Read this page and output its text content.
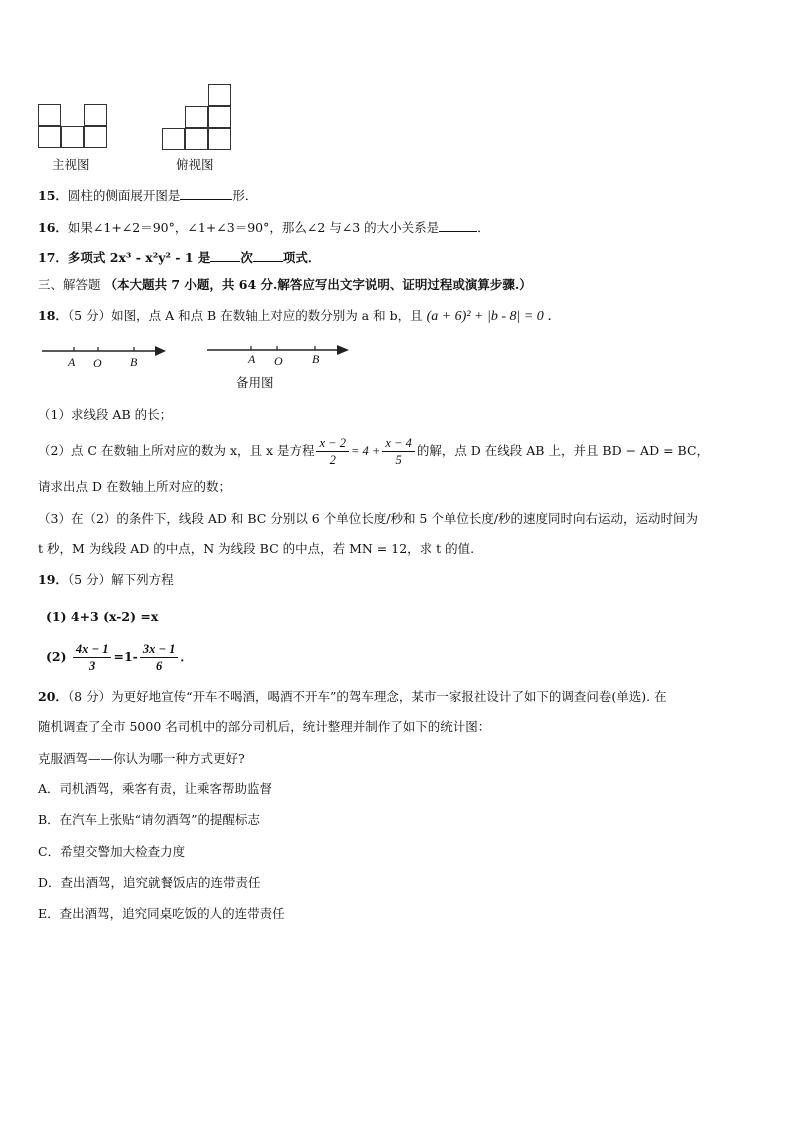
主视图	俯视图
15．圆柱的侧面展开图是	形．
16．如果∠1+∠2＝90°，∠1+∠3＝90°，那么∠2 与∠3 的大小关系是	．
17．多项式 2x³ - x²y² - 1 是 次 项式．
三、解答题 （本大题共 7 小题，共 64 分.解答应写出文字说明、证明过程或演算步骤.）
18．（5 分）如图，点 A 和点 B 在数轴上对应的数分别为 a 和 b，且 (a + 6)² + |b - 8| = 0 ．
A O B	A O B
备用图
（1）求线段 AB 的长；
（2）点 C 在数轴上所对应的数为 x，且 x 是方程 $\frac{x - 2}{2} = 4 + \frac{x - 4}{5}$ 的解，点 D 在线段 AB 上，并且 BD − AD = BC，
请求出点 D 在数轴上所对应的数；
（3）在（2）的条件下，线段 AD 和 BC 分别以 6 个单位长度/秒和 5 个单位长度/秒的速度同时向右运动，运动时间为
t 秒，M 为线段 AD 的中点，N 为线段 BC 的中点，若 MN = 12，求 t 的值.
19．（5 分）解下列方程
(1) 4+3 (x-2) =x
$(2) \frac{4x - 1}{3} =1- \frac{3x - 1}{6}$ ．
20．（8 分）为更好地宣传“开车不喝酒，喝酒不开车”的驾车理念，某市一家报社设计了如下的调查问卷(单选). 在
随机调查了全市 5000 名司机中的部分司机后，统计整理并制作了如下的统计图：
克服酒驾——你认为哪一种方式更好?
A．司机酒驾，乘客有责，让乘客帮助监督
B．在汽车上张贴“请勿酒驾”的提醒标志
C．希望交警加大检查力度
D．查出酒驾，追究就餐饭店的连带责任
E．查出酒驾，追究同桌吃饭的人的连带责任
